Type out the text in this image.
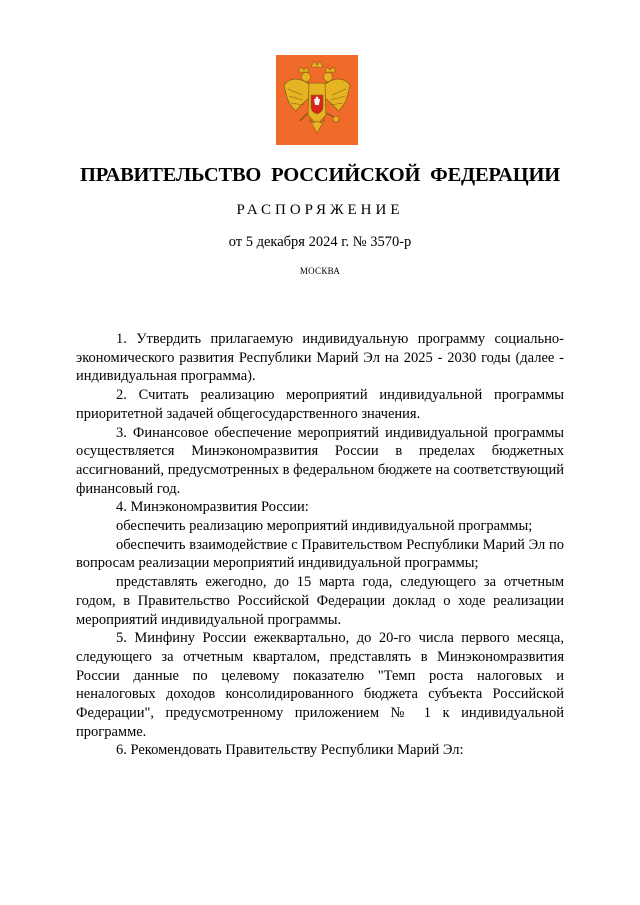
ПРАВИТЕЛЬСТВО РОССИЙСКОЙ ФЕДЕРАЦИИ
РАСПОРЯЖЕНИЕ
от 5 декабря 2024 г. № 3570-р
МОСКВА

1. Утвердить прилагаемую индивидуальную программу социально-экономического развития Республики Марий Эл на 2025 - 2030 годы (далее - индивидуальная программа).

2. Считать реализацию мероприятий индивидуальной программы приоритетной задачей общегосударственного значения.

3. Финансовое обеспечение мероприятий индивидуальной программы осуществляется Минэкономразвития России в пределах бюджетных ассигнований, предусмотренных в федеральном бюджете на соответствующий финансовый год.

4. Минэкономразвития России:

обеспечить реализацию мероприятий индивидуальной программы;

обеспечить взаимодействие с Правительством Республики Марий Эл по вопросам реализации мероприятий индивидуальной программы;

представлять ежегодно, до 15 марта года, следующего за отчетным годом, в Правительство Российской Федерации доклад о ходе реализации мероприятий индивидуальной программы.

5. Минфину России ежеквартально, до 20-го числа первого месяца, следующего за отчетным кварталом, представлять в Минэкономразвития России данные по целевому показателю "Темп роста налоговых и неналоговых доходов консолидированного бюджета субъекта Российской Федерации", предусмотренному приложением № 1 к индивидуальной программе.

6. Рекомендовать Правительству Республики Марий Эл:
